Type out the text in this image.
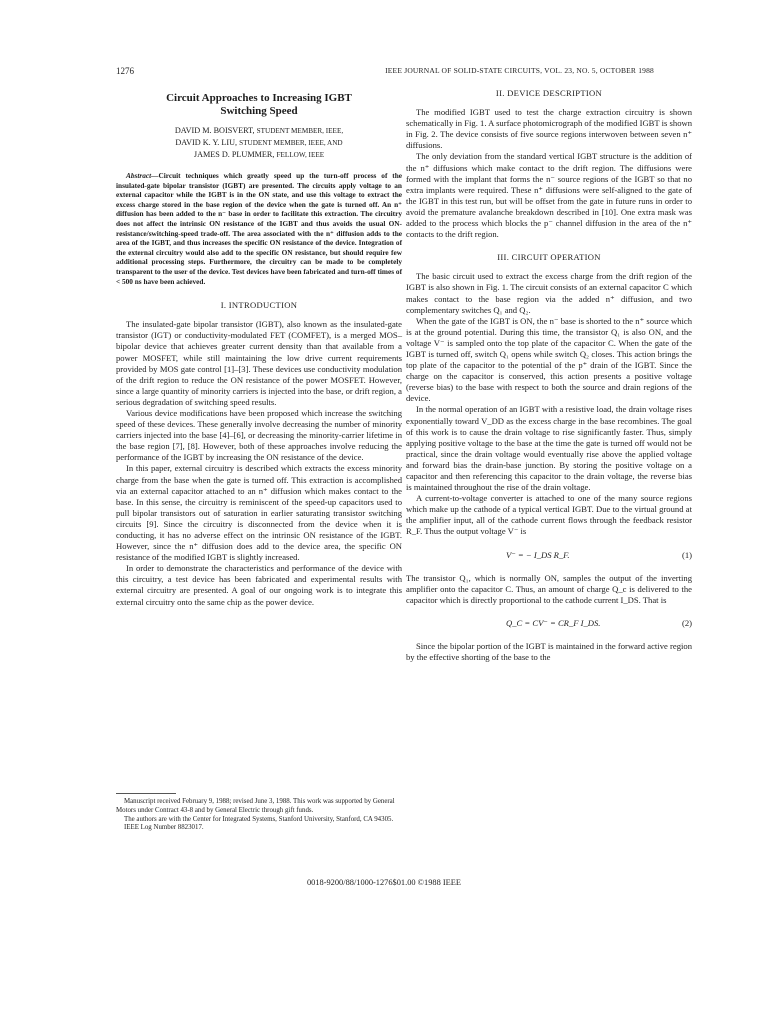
1276	IEEE JOURNAL OF SOLID-STATE CIRCUITS, VOL. 23, NO. 5, OCTOBER 1988
Circuit Approaches to Increasing IGBT
Switching Speed
DAVID M. BOISVERT, STUDENT MEMBER, IEEE,
DAVID K. Y. LIU, STUDENT MEMBER, IEEE, AND
JAMES D. PLUMMER, FELLOW, IEEE
Abstract—Circuit techniques which greatly speed up the turn-off process of the insulated-gate bipolar transistor (IGBT) are presented. The circuits apply voltage to an external capacitor while the IGBT is in the ON state, and use this voltage to extract the excess charge stored in the base region of the device when the gate is turned off. An n⁺ diffusion has been added to the n⁻ base in order to facilitate this extraction. The circuitry does not affect the intrinsic ON resistance of the IGBT and thus avoids the usual ON-resistance/switching-speed trade-off. The area associated with the n⁺ diffusion adds to the area of the IGBT, and thus increases the specific ON resistance of the device. Integration of the external circuitry would also add to the specific ON resistance, but should require few additional processing steps. Furthermore, the circuitry can be made to be completely transparent to the user of the device. Test devices have been fabricated and turn-off times of < 500 ns have been achieved.
I. INTRODUCTION

The insulated-gate bipolar transistor (IGBT), also known as the insulated-gate transistor (IGT) or conductivity-modulated FET (COMFET), is a merged MOS–bipolar device that achieves greater current density than that available from a power MOSFET, while still maintaining the low drive current requirements provided by MOS gate control [1]–[3]. These devices use conductivity modulation of the drift region to reduce the ON resistance of the power MOSFET. However, since a large quantity of minority carriers is injected into the base, or drift region, a serious degradation of switching speed results.

Various device modifications have been proposed which increase the switching speed of these devices. These generally involve decreasing the number of minority carriers injected into the base [4]–[6], or decreasing the minority-carrier lifetime in the base region [7], [8]. However, both of these approaches involve reducing the performance of the IGBT by increasing the ON resistance of the device.

In this paper, external circuitry is described which extracts the excess minority charge from the base when the gate is turned off. This extraction is accomplished via an external capacitor attached to an n⁺ diffusion which makes contact to the base. In this sense, the circuitry is reminiscent of the speed-up capacitors used to pull bipolar transistors out of saturation in earlier saturating transistor switching circuits [9]. Since the circuitry is disconnected from the device when it is conducting, it has no adverse effect on the intrinsic ON resistance of the IGBT. However, since the n⁺ diffusion does add to the device area, the specific ON resistance of the modified IGBT is slightly increased.

In order to demonstrate the characteristics and performance of the device with this circuitry, a test device has been fabricated and experimental results with external circuitry are presented. A goal of our ongoing work is to integrate this external circuitry onto the same chip as the power device.

Manuscript received February 9, 1988; revised June 3, 1988. This work was supported by General Motors under Contract 43-8 and by General Electric through gift funds.

The authors are with the Center for Integrated Systems, Stanford University, Stanford, CA 94305.

IEEE Log Number 8823017.

II. DEVICE DESCRIPTION

The modified IGBT used to test the charge extraction circuitry is shown schematically in Fig. 1. A surface photomicrograph of the modified IGBT is shown in Fig. 2. The device consists of five source regions interwoven between seven n⁺ diffusions.

The only deviation from the standard vertical IGBT structure is the addition of the n⁺ diffusions which make contact to the drift region. The diffusions were formed with the implant that forms the n⁻ source regions of the IGBT so that no extra implants were required. These n⁺ diffusions were self-aligned to the gate of the IGBT in this test run, but will be offset from the gate in future runs in order to avoid the premature avalanche breakdown described in [10]. One extra mask was added to the process which blocks the p⁻ channel diffusion in the area of the n⁺ contacts to the drift region.

III. CIRCUIT OPERATION

The basic circuit used to extract the excess charge from the drift region of the IGBT is also shown in Fig. 1. The circuit consists of an external capacitor C which makes contact to the base region via the added n⁺ diffusion, and two complementary switches Q₁ and Q₂.

When the gate of the IGBT is ON, the n⁻ base is shorted to the n⁺ source which is at the ground potential. During this time, the transistor Q₁ is also ON, and the voltage V⁻ is sampled onto the top plate of the capacitor C. When the gate of the IGBT is turned off, switch Q₁ opens while switch Q₂ closes. This action brings the top plate of the capacitor to the potential of the p⁺ drain of the IGBT. Since the charge on the capacitor is conserved, this action presents a positive voltage (reverse bias) to the base with respect to both the source and drain regions of the device.

In the normal operation of an IGBT with a resistive load, the drain voltage rises exponentially toward V_DD as the excess charge in the base recombines. The goal of this work is to cause the drain voltage to rise significantly faster. Thus, simply applying positive voltage to the base at the time the gate is turned off would not be practical, since the drain voltage would eventually rise above the applied voltage and forward bias the drain-base junction. By storing the positive voltage on a capacitor and then referencing this capacitor to the drain voltage, the reverse bias is maintained throughout the rise of the drain voltage.

A current-to-voltage converter is attached to one of the many source regions which make up the cathode of a typical vertical IGBT. Due to the virtual ground at the amplifier input, all of the cathode current flows through the feedback resistor R_F. Thus the output voltage V⁻ is

V⁻ = − I_DS R_F.	(1)

The transistor Q₁, which is normally ON, samples the output of the inverting amplifier onto the capacitor C. Thus, an amount of charge Q_c is delivered to the capacitor which is directly proportional to the cathode current I_DS. That is

Q_C = CV⁻ = CR_F I_DS.	(2)

Since the bipolar portion of the IGBT is maintained in the forward active region by the effective shorting of the base to the

0018-9200/88/1000-1276$01.00 ©1988 IEEE
